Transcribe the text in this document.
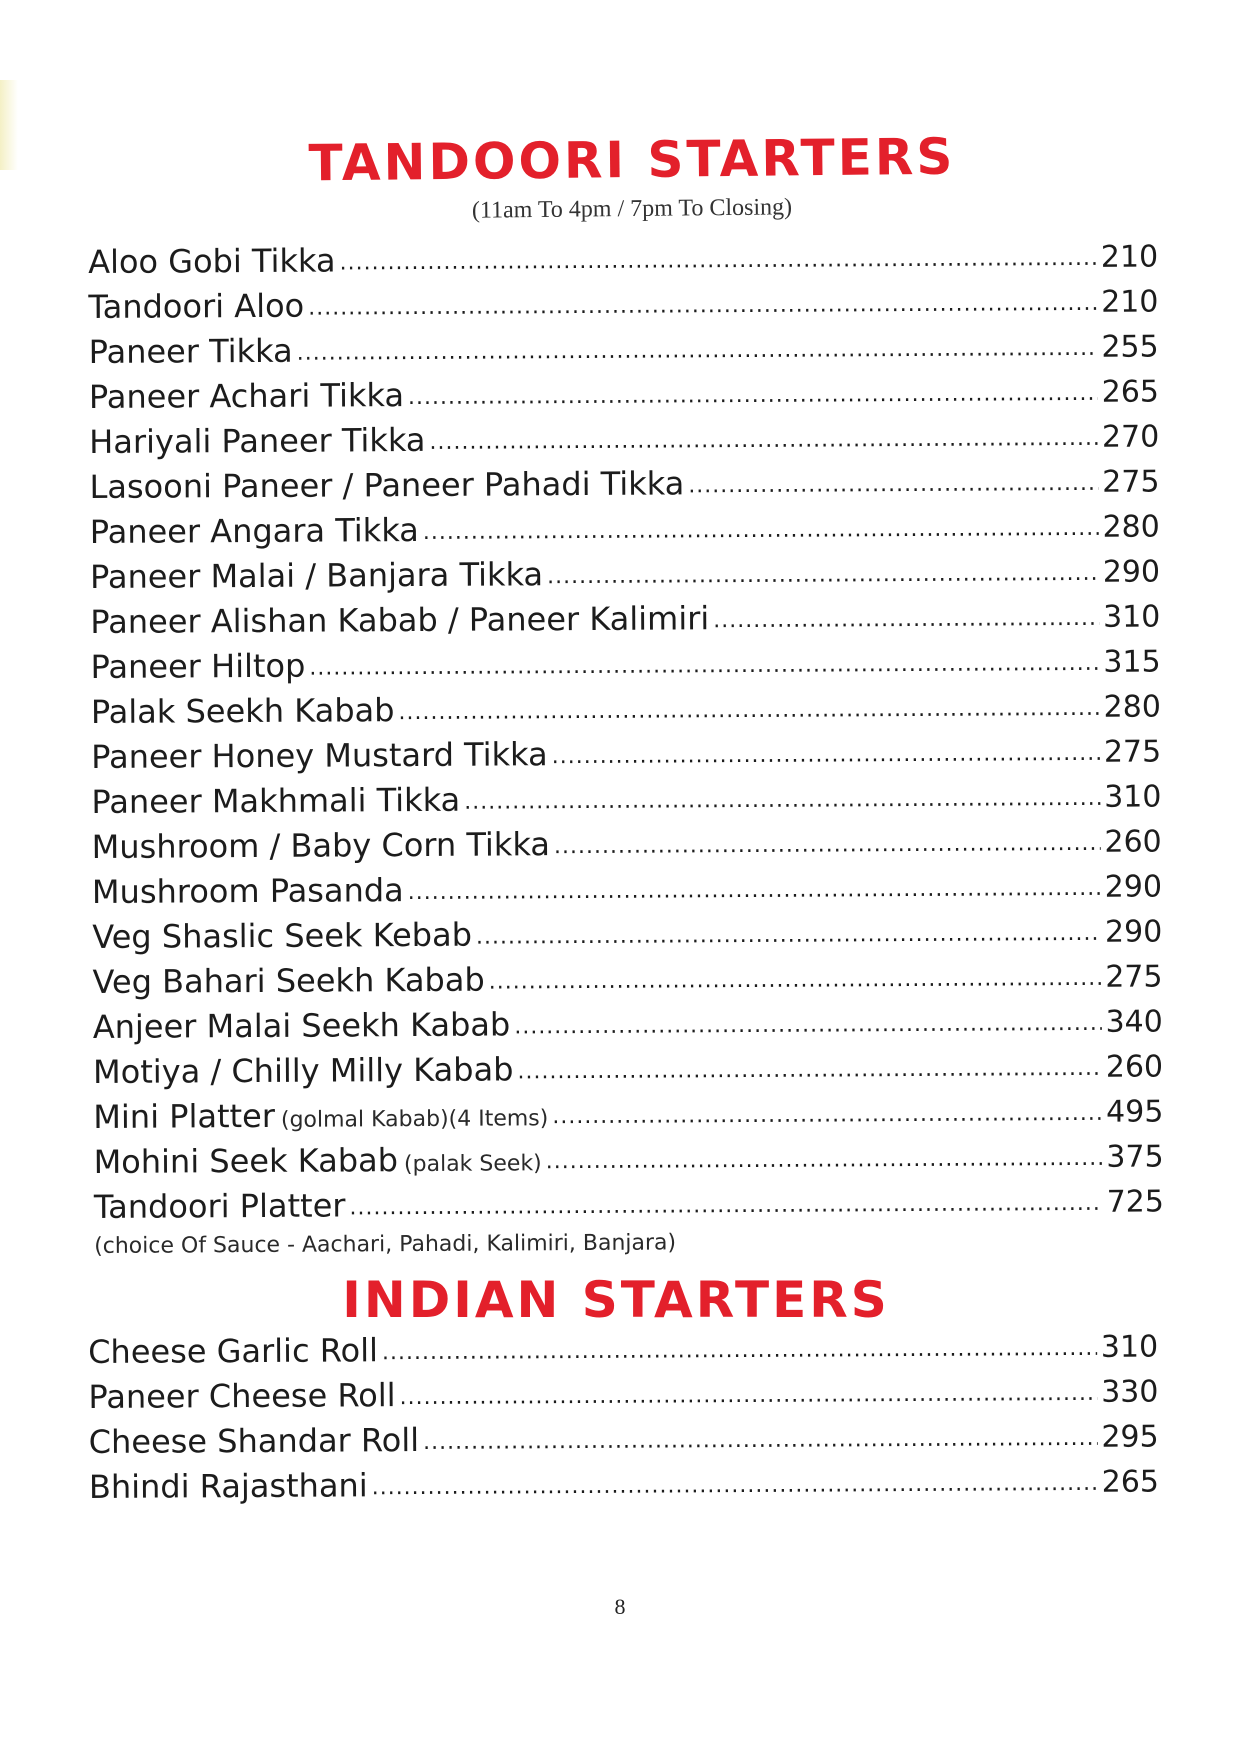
TANDOORI STARTERS
(11am To 4pm / 7pm To Closing)
Aloo Gobi Tikka .....	210
Tandoori Aloo .....	210
Paneer Tikka .....	255
Paneer Achari Tikka .....	265
Hariyali Paneer Tikka .....	270
Lasooni Paneer / Paneer Pahadi Tikka .....	275
Paneer Angara Tikka .....	280
Paneer Malai / Banjara Tikka .....	290
Paneer Alishan Kabab / Paneer Kalimiri .....	310
Paneer Hiltop .....	315
Palak Seekh Kabab .....	280
Paneer Honey Mustard Tikka .....	275
Paneer Makhmali Tikka .....	310
Mushroom / Baby Corn Tikka .....	260
Mushroom Pasanda .....	290
Veg Shaslic Seek Kebab .....	290
Veg Bahari Seekh Kabab .....	275
Anjeer Malai Seekh Kabab .....	340
Motiya / Chilly Milly Kabab .....	260
Mini Platter (golmal Kabab)(4 Items) .....	495
Mohini Seek Kabab (palak Seek) .....	375
Tandoori Platter .....	725
(choice Of Sauce - Aachari, Pahadi, Kalimiri, Banjara)
INDIAN STARTERS
Cheese Garlic Roll .....	310
Paneer Cheese Roll .....	330
Cheese Shandar Roll .....	295
Bhindi Rajasthani .....	265
8
